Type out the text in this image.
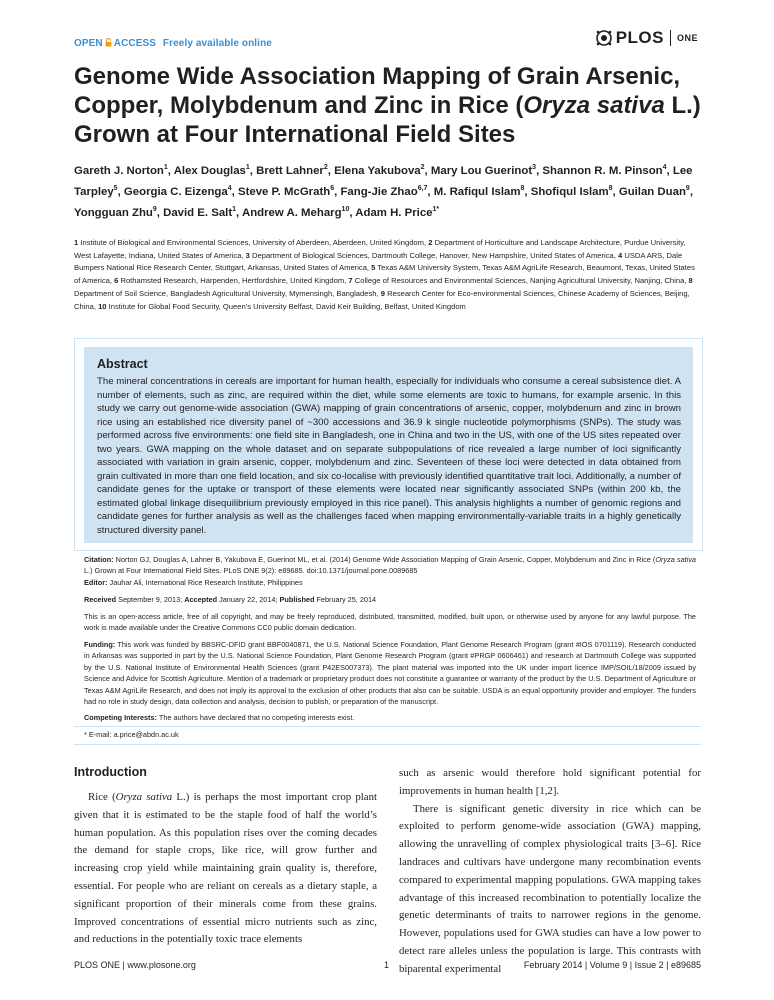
OPEN ACCESS Freely available online	PLOS ONE
Genome Wide Association Mapping of Grain Arsenic, Copper, Molybdenum and Zinc in Rice (Oryza sativa L.) Grown at Four International Field Sites
Gareth J. Norton$^1$, Alex Douglas$^1$, Brett Lahner$^2$, Elena Yakubova$^2$, Mary Lou Guerinot$^3$, Shannon R. M. Pinson$^4$, Lee Tarpley$^5$, Georgia C. Eizenga$^4$, Steve P. McGrath$^6$, Fang-Jie Zhao$^{6,7}$, M. Rafiqul Islam$^8$, Shofiqul Islam$^8$, Guilan Duan$^9$, Yongguan Zhu$^9$, David E. Salt$^1$, Andrew A. Meharg$^{10}$, Adam H. Price$^{1*}$
1 Institute of Biological and Environmental Sciences, University of Aberdeen, Aberdeen, United Kingdom, 2 Department of Horticulture and Landscape Architecture, Purdue University, West Lafayette, Indiana, United States of America, 3 Department of Biological Sciences, Dartmouth College, Hanover, New Hampshire, United States of America, 4 USDA ARS, Dale Bumpers National Rice Research Center, Stuttgart, Arkansas, United States of America, 5 Texas A&M University System, Texas A&M AgriLife Research, Beaumont, Texas, United States of America, 6 Rothamsted Research, Harpenden, Hertfordshire, United Kingdom, 7 College of Resources and Environmental Sciences, Nanjing Agricultural University, Nanjing, China, 8 Department of Soil Science, Bangladesh Agricultural University, Mymensingh, Bangladesh, 9 Research Center for Eco-environmental Sciences, Chinese Academy of Sciences, Beijing, China, 10 Institute for Global Food Security, Queen’s University Belfast, David Keir Building, Belfast, United Kingdom
Abstract
The mineral concentrations in cereals are important for human health, especially for individuals who consume a cereal subsistence diet. A number of elements, such as zinc, are required within the diet, while some elements are toxic to humans, for example arsenic. In this study we carry out genome-wide association (GWA) mapping of grain concentrations of arsenic, copper, molybdenum and zinc in brown rice using an established rice diversity panel of ~300 accessions and 36.9 k single nucleotide polymorphisms (SNPs). The study was performed across five environments: one field site in Bangladesh, one in China and two in the US, with one of the US sites repeated over two years. GWA mapping on the whole dataset and on separate subpopulations of rice revealed a large number of loci significantly associated with variation in grain arsenic, copper, molybdenum and zinc. Seventeen of these loci were detected in data obtained from grain cultivated in more than one field location, and six co-localise with previously identified quantitative trait loci. Additionally, a number of candidate genes for the uptake or transport of these elements were located near significantly associated SNPs (within 200 kb, the estimated global linkage disequilibrium previously employed in this rice panel). This analysis highlights a number of genomic regions and candidate genes for further analysis as well as the challenges faced when mapping environmentally-variable traits in a highly genetically structured diversity panel.
Citation: Norton GJ, Douglas A, Lahner B, Yakubova E, Guerinot ML, et al. (2014) Genome Wide Association Mapping of Grain Arsenic, Copper, Molybdenum and Zinc in Rice (Oryza sativa L.) Grown at Four International Field Sites. PLoS ONE 9(2): e89685. doi:10.1371/journal.pone.0089685
Editor: Jauhar Ali, International Rice Research Institute, Philippines
Received September 9, 2013; Accepted January 22, 2014; Published February 25, 2014
This is an open-access article, free of all copyright, and may be freely reproduced, distributed, transmitted, modified, built upon, or otherwise used by anyone for any lawful purpose. The work is made available under the Creative Commons CC0 public domain dedication.
Funding: This work was funded by BBSRC-DFID grant BBF0040871, the U.S. National Science Foundation, Plant Genome Research Program (grant #IOS 0701119). Research conducted in Arkansas was supported in part by the U.S. National Science Foundation, Plant Genome Research Program (grant #PRGP 0606461) and research at Dartmouth College was supported by the U.S. National Institute of Environmental Health Sciences (grant P42ES007373). The plant material was imported into the UK under import licence IMP/SOIL/18/2009 issued by Science and Advice for Scottish Agriculture. Mention of a trademark or proprietary product does not constitute a guarantee or warranty of the product by the U.S. Department of Agriculture or Texas A&M AgriLife Research, and does not imply its approval to the exclusion of other products that also can be suitable. USDA is an equal opportunity provider and employer. The funders had no role in study design, data collection and analysis, decision to publish, or preparation of the manuscript.
Competing Interests: The authors have declared that no competing interests exist.
* E-mail: a.price@abdn.ac.uk
Introduction

Rice (Oryza sativa L.) is perhaps the most important crop plant given that it is estimated to be the staple food of half the world’s human population. As this population rises over the coming decades the demand for staple crops, like rice, will grow further and increasing crop yield while maintaining grain quality is, therefore, essential. For people who are reliant on cereals as a dietary staple, a significant proportion of their minerals come from these grains. Improved concentrations of essential micro nutrients such as zinc, and reductions in the potentially toxic trace elements

such as arsenic would therefore hold significant potential for improvements in human health [1,2].

There is significant genetic diversity in rice which can be exploited to perform genome-wide association (GWA) mapping, allowing the unravelling of complex physiological traits [3–6]. Rice landraces and cultivars have undergone many recombination events compared to experimental mapping populations. GWA mapping takes advantage of this increased recombination to potentially localize the genetic determinants of traits to narrower regions in the genome. However, populations used for GWA studies can have a low power to detect rare alleles unless the population is large. This contrasts with biparental experimental

PLOS ONE | www.plosone.org	1	February 2014 | Volume 9 | Issue 2 | e89685
